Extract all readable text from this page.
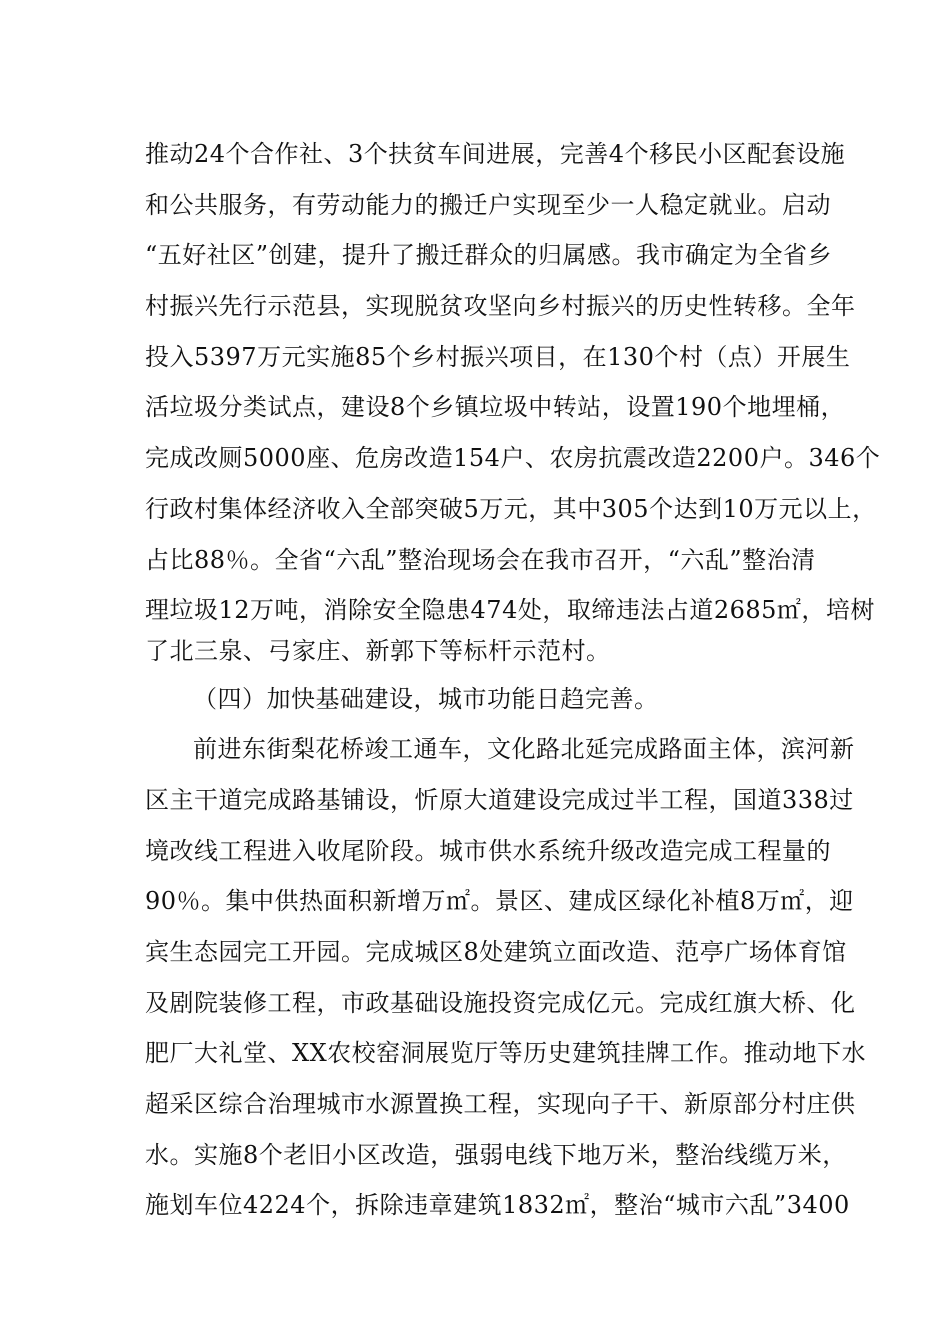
推动24个合作社、3个扶贫车间进展，完善4个移民小区配套设施
和公共服务，有劳动能力的搬迁户实现至少一人稳定就业。启动
“五好社区”创建，提升了搬迁群众的归属感。我市确定为全省乡
村振兴先行示范县，实现脱贫攻坚向乡村振兴的历史性转移。全年
投入5397万元实施85个乡村振兴项目，在130个村（点）开展生
活垃圾分类试点，建设8个乡镇垃圾中转站，设置190个地埋桶，
完成改厕5000座、危房改造154户、农房抗震改造2200户。346个
行政村集体经济收入全部突破5万元，其中305个达到10万元以上，
占比88％。全省“六乱”整治现场会在我市召开，“六乱”整治清
理垃圾12万吨，消除安全隐患474处，取缔违法占道2685㎡，培树
了北三泉、弓家庄、新郭下等标杆示范村。
（四）加快基础建设，城市功能日趋完善。
前进东街梨花桥竣工通车，文化路北延完成路面主体，滨河新
区主干道完成路基铺设，忻原大道建设完成过半工程，国道338过
境改线工程进入收尾阶段。城市供水系统升级改造完成工程量的
90％。集中供热面积新增万㎡。景区、建成区绿化补植8万㎡，迎
宾生态园完工开园。完成城区8处建筑立面改造、范亭广场体育馆
及剧院装修工程，市政基础设施投资完成亿元。完成红旗大桥、化
肥厂大礼堂、XX农校窑洞展览厅等历史建筑挂牌工作。推动地下水
超采区综合治理城市水源置换工程，实现向子干、新原部分村庄供
水。实施8个老旧小区改造，强弱电线下地万米，整治线缆万米，
施划车位4224个，拆除违章建筑1832㎡，整治“城市六乱”3400
